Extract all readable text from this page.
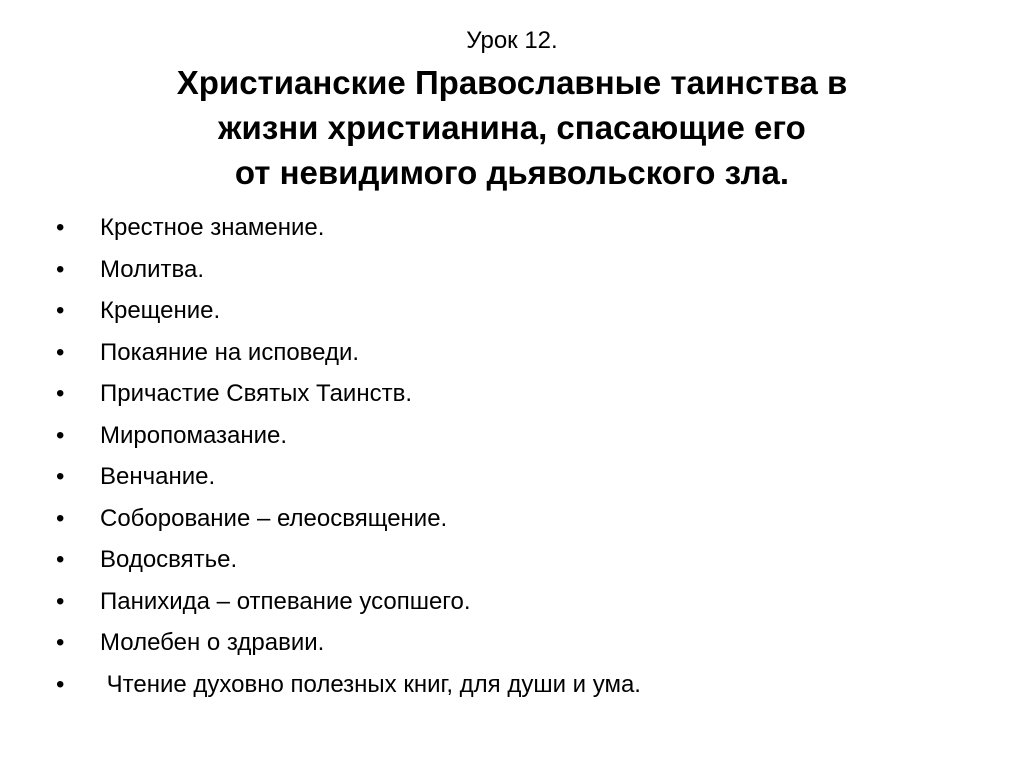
Урок 12.
Христианские Православные таинства в
жизни христианина, спасающие его
от невидимого дьявольского зла.
•	Крестное знамение.
•	Молитва.
•	Крещение.
•	Покаяние на исповеди.
•	Причастие Святых Таинств.
•	Миропомазание.
•	Венчание.
•	Соборование – елеосвящение.
•	Водосвятье.
•	Панихида – отпевание усопшего.
•	Молебен о здравии.
•	Чтение духовно полезных книг, для души и ума.
